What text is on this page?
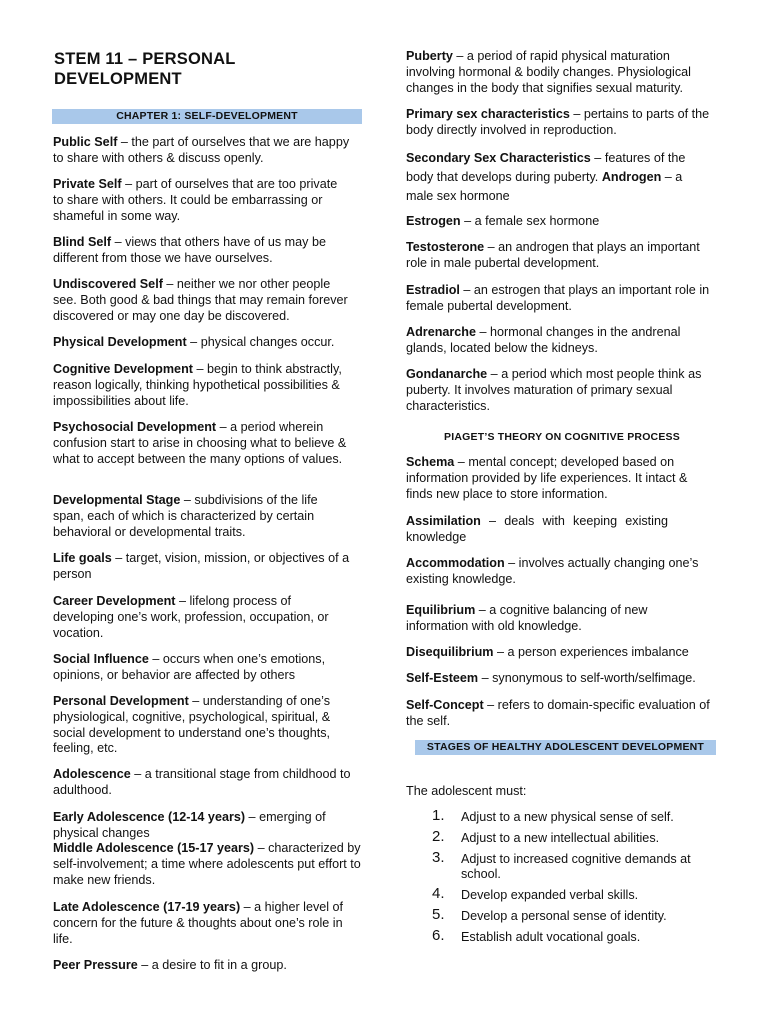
STEM 11 – PERSONAL DEVELOPMENT
CHAPTER 1: SELF-DEVELOPMENT
Public Self – the part of ourselves that we are happy to share with others & discuss openly.
Private Self – part of ourselves that are too private to share with others. It could be embarrassing or shameful in some way.
Blind Self – views that others have of us may be different from those we have ourselves.
Undiscovered Self – neither we nor other people see. Both good & bad things that may remain forever discovered or may one day be discovered.
Physical Development – physical changes occur.
Cognitive Development – begin to think abstractly, reason logically, thinking hypothetical possibilities & impossibilities about life.
Psychosocial Development – a period wherein confusion start to arise in choosing what to believe & what to accept between the many options of values.
Developmental Stage – subdivisions of the life span, each of which is characterized by certain behavioral or developmental traits.
Life goals – target, vision, mission, or objectives of a person
Career Development – lifelong process of developing one’s work, profession, occupation, or vocation.
Social Influence – occurs when one’s emotions, opinions, or behavior are affected by others
Personal Development – understanding of one’s physiological, cognitive, psychological, spiritual, & social development to understand one’s thoughts, feeling, etc.
Adolescence – a transitional stage from childhood to adulthood.
Early Adolescence (12-14 years) – emerging of physical changes
Middle Adolescence (15-17 years) – characterized by self-involvement; a time where adolescents put effort to make new friends.
Late Adolescence (17-19 years) – a higher level of concern for the future & thoughts about one’s role in life.
Peer Pressure – a desire to fit in a group.
Puberty – a period of rapid physical maturation involving hormonal & bodily changes. Physiological changes in the body that signifies sexual maturity.
Primary sex characteristics – pertains to parts of the body directly involved in reproduction.
Secondary Sex Characteristics – features of the body that develops during puberty. Androgen – a male sex hormone
Estrogen – a female sex hormone
Testosterone – an androgen that plays an important role in male pubertal development.
Estradiol – an estrogen that plays an important role in female pubertal development.
Adrenarche – hormonal changes in the andrenal glands, located below the kidneys.
Gondanarche – a period which most people think as puberty. It involves maturation of primary sexual characteristics.
PIAGET’S THEORY ON COGNITIVE PROCESS
Schema – mental concept; developed based on information provided by life experiences. It intact & finds new place to store information.
Assimilation – deals with keeping existing knowledge
Accommodation – involves actually changing one’s existing knowledge.
Equilibrium – a cognitive balancing of new information with old knowledge.
Disequilibrium – a person experiences imbalance
Self-Esteem – synonymous to self-worth/selfimage.
Self-Concept – refers to domain-specific evaluation of the self.
STAGES OF HEALTHY ADOLESCENT DEVELOPMENT
The adolescent must:
1. Adjust to a new physical sense of self.
2. Adjust to a new intellectual abilities.
3. Adjust to increased cognitive demands at school.
4. Develop expanded verbal skills.
5. Develop a personal sense of identity.
6. Establish adult vocational goals.
